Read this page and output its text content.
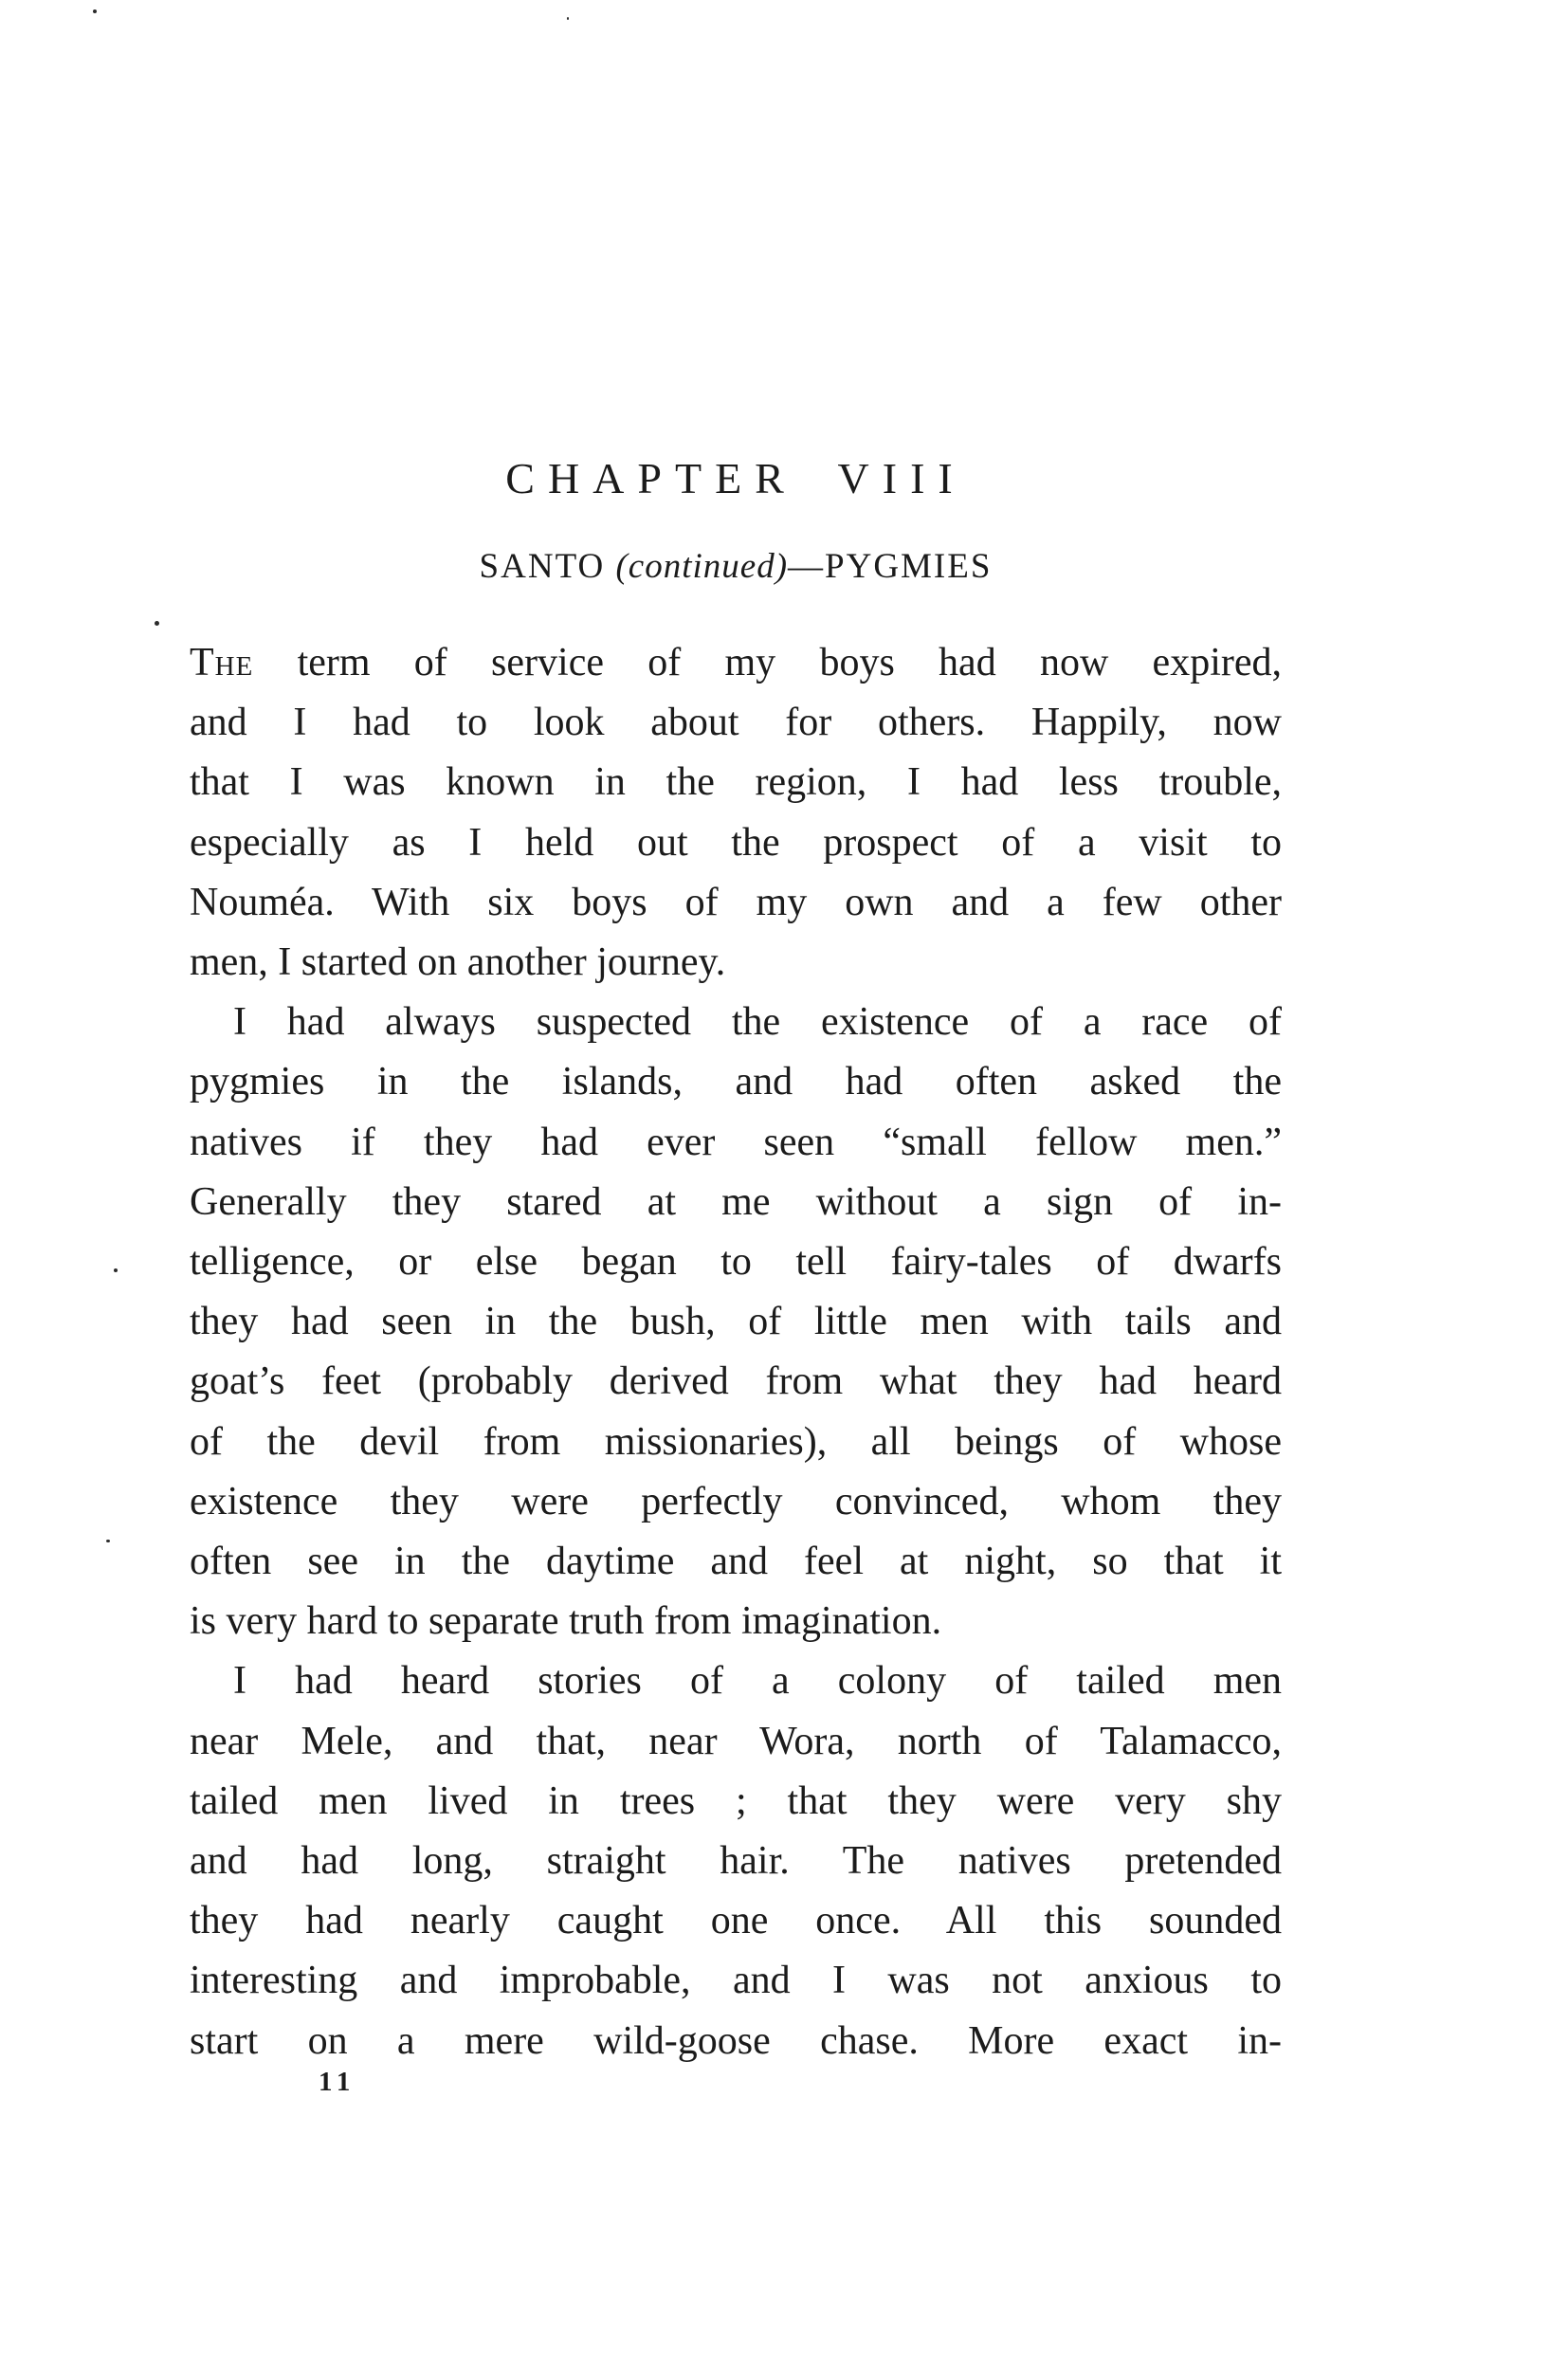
CHAPTER VIII
SANTO (continued)—PYGMIES
The term of service of my boys had now expired,
and I had to look about for others. Happily, now
that I was known in the region, I had less trouble,
especially as I held out the prospect of a visit to
Nouméa. With six boys of my own and a few other
men, I started on another journey.
I had always suspected the existence of a race of
pygmies in the islands, and had often asked the
natives if they had ever seen “small fellow men.”
Generally they stared at me without a sign of in-
telligence, or else began to tell fairy-tales of dwarfs
they had seen in the bush, of little men with tails and
goat’s feet (probably derived from what they had heard
of the devil from missionaries), all beings of whose
existence they were perfectly convinced, whom they
often see in the daytime and feel at night, so that it
is very hard to separate truth from imagination.
I had heard stories of a colony of tailed men
near Mele, and that, near Wora, north of Talamacco,
tailed men lived in trees ; that they were very shy
and had long, straight hair. The natives pretended
they had nearly caught one once. All this sounded
interesting and improbable, and I was not anxious to
start on a mere wild-goose chase. More exact in-
11
